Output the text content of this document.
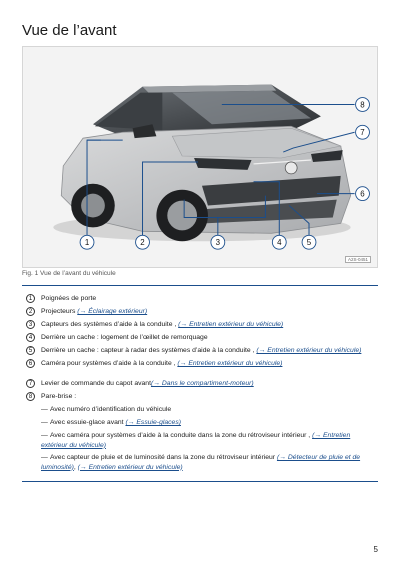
Vue de l’avant
1	2	3	4	5
6
7
8
A2S-0451
Fig. 1 Vue de l’avant du véhicule
1	Poignées de porte
2	Projecteurs (→ Éclairage extérieur)
3	Capteurs des systèmes d’aide à la conduite , (→ Entretien extérieur du véhicule)
4	Derrière un cache : logement de l’œillet de remorquage
5	Derrière un cache : capteur à radar des systèmes d’aide à la conduite , (→ Entretien extérieur du véhicule)
6	Caméra pour systèmes d’aide à la conduite , (→ Entretien extérieur du véhicule)
7	Levier de commande du capot avant(→ Dans le compartiment-moteur)
8	Pare-brise :
— Avec numéro d’identification du véhicule
— Avec essuie-glace avant (→ Essuie-glaces)
— Avec caméra pour systèmes d’aide à la conduite dans la zone du rétroviseur intérieur , (→ Entretien extérieur du véhicule)
— Avec capteur de pluie et de luminosité dans la zone du rétroviseur intérieur (→ Détecteur de pluie et de luminosité), (→ Entretien extérieur du véhicule)
5
